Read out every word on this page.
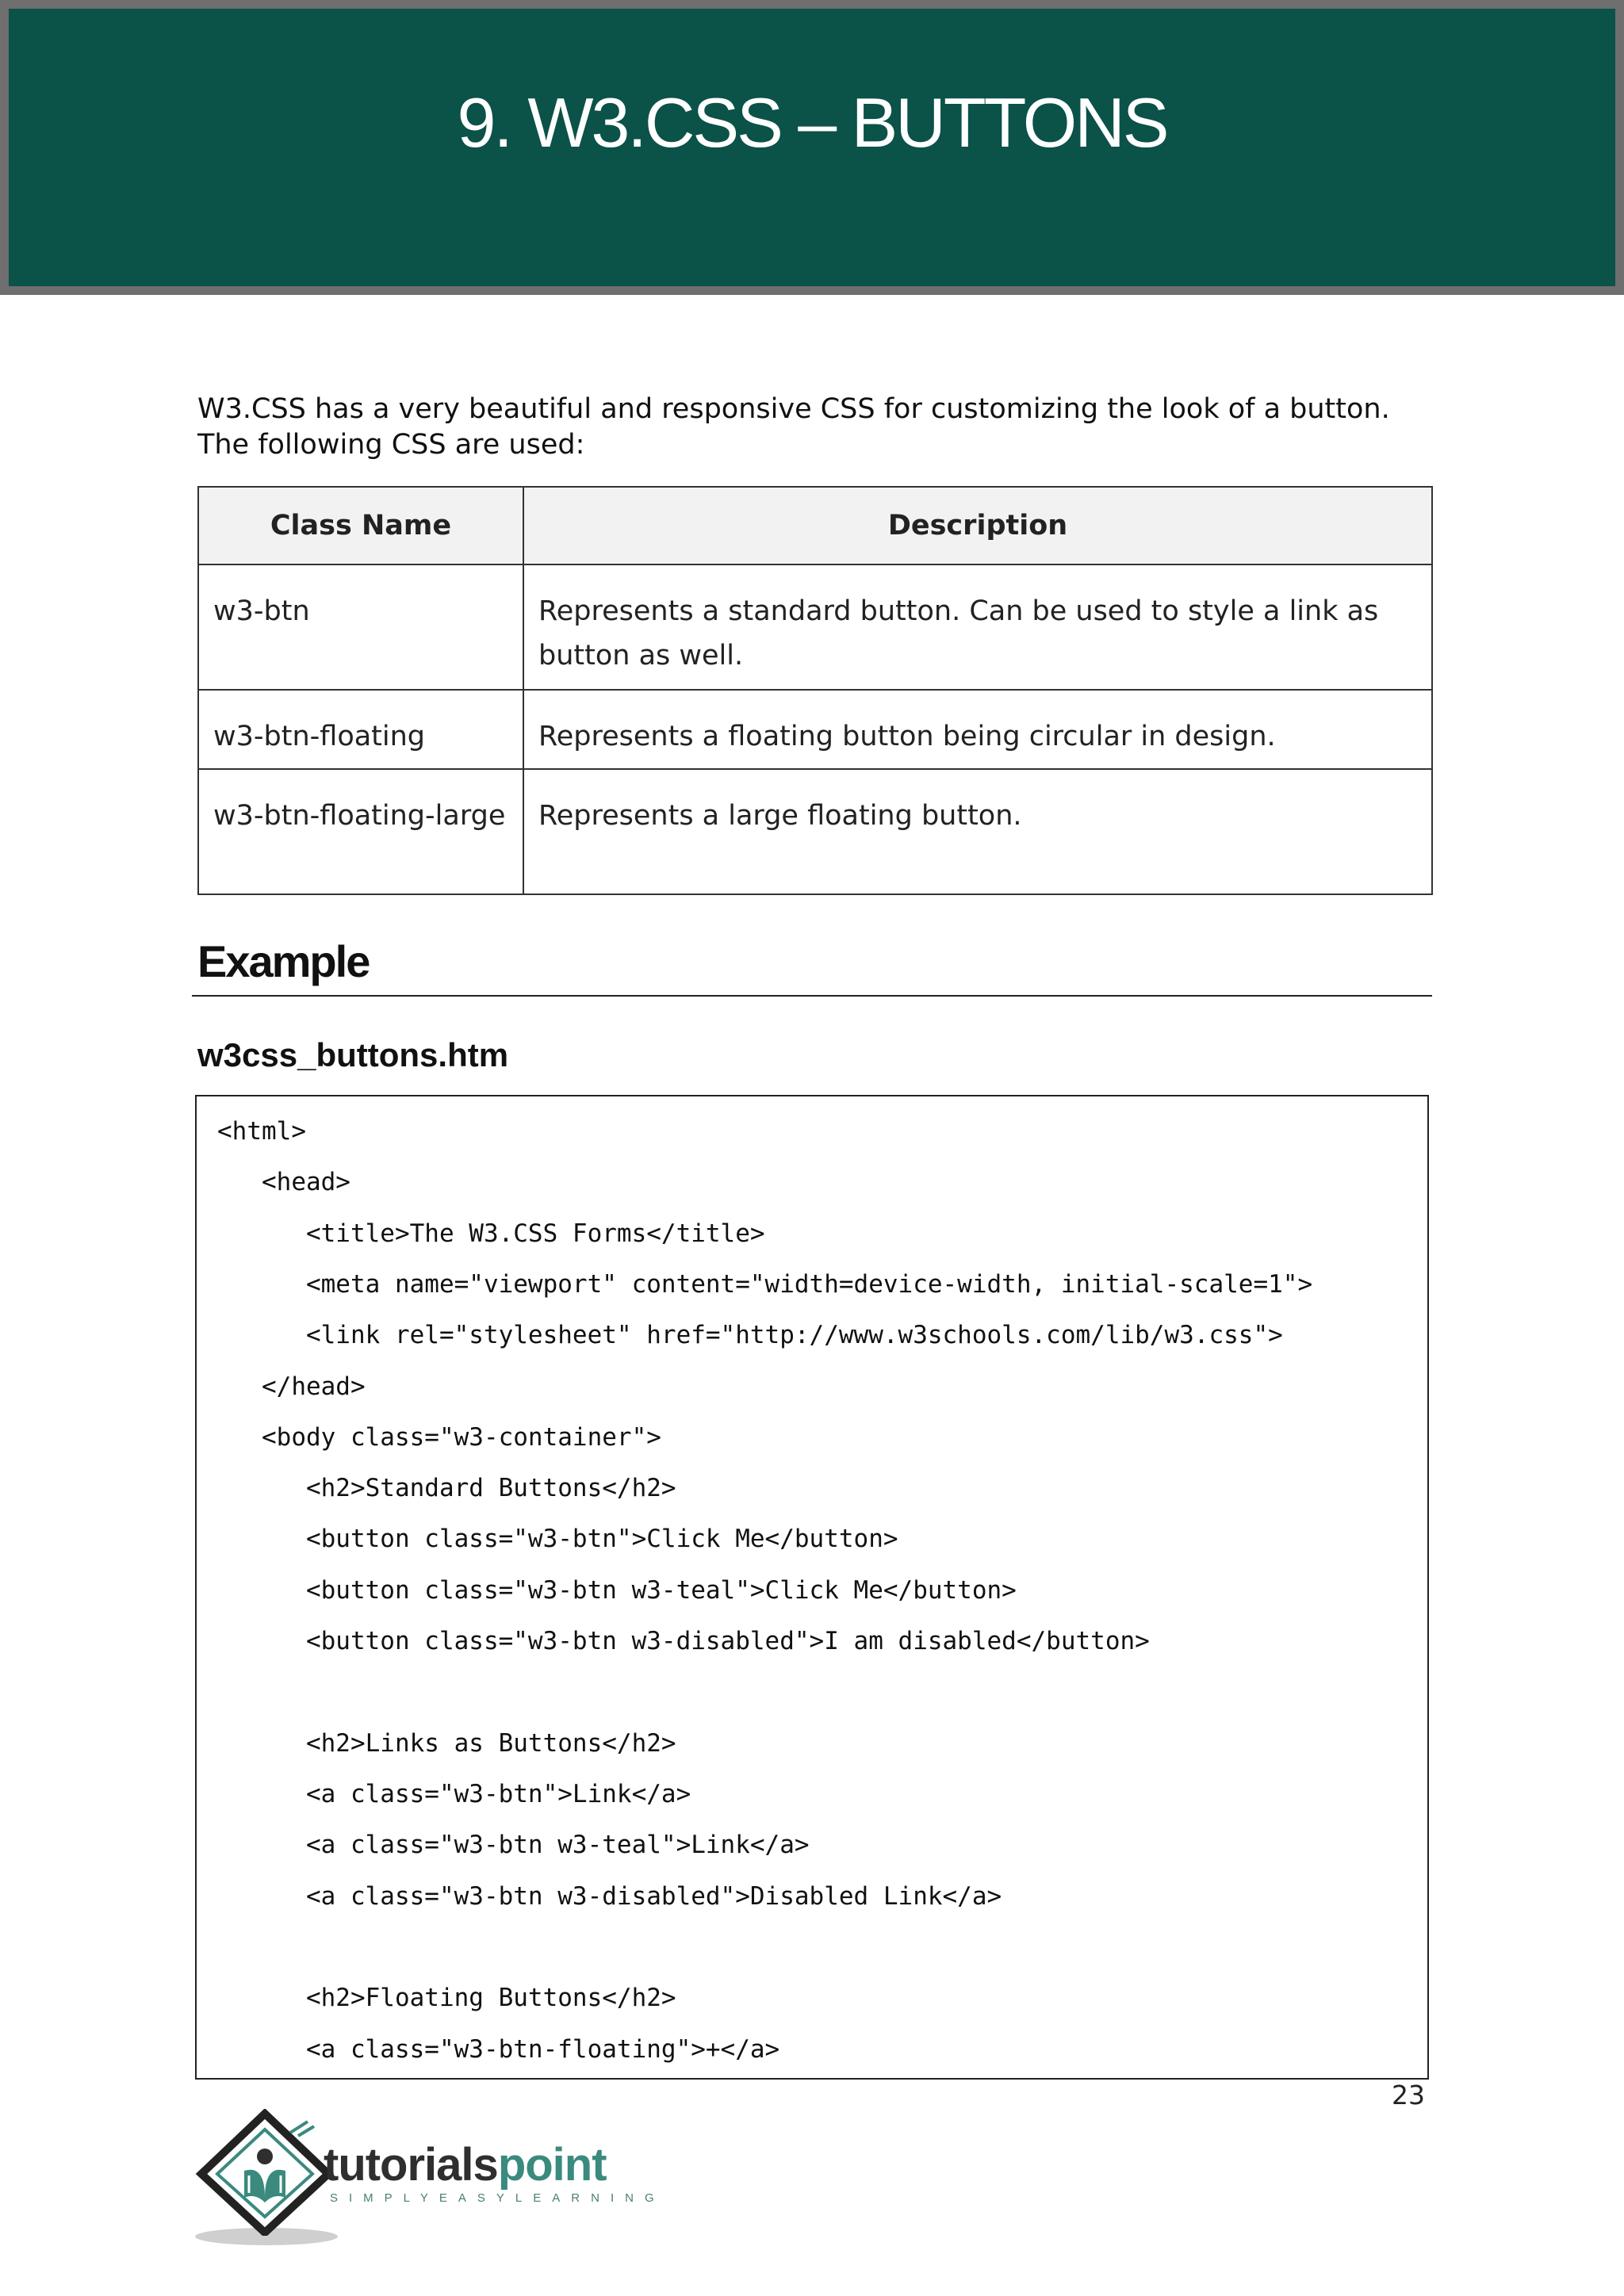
9. W3.CSS – BUTTONS

W3.CSS has a very beautiful and responsive CSS for customizing the look of a button. The following CSS are used:

Class Name	Description
w3-btn	Represents a standard button. Can be used to style a link as button as well.
w3-btn-floating	Represents a floating button being circular in design.
w3-btn-floating-large	Represents a large floating button.
Example
w3css_buttons.htm
<html>
<head>
<title>The W3.CSS Forms</title>
<meta name="viewport" content="width=device-width, initial-scale=1">
<link rel="stylesheet" href="http://www.w3schools.com/lib/w3.css">
</head>
<body class="w3-container">
<h2>Standard Buttons</h2>
<button class="w3-btn">Click Me</button>
<button class="w3-btn w3-teal">Click Me</button>
<button class="w3-btn w3-disabled">I am disabled</button>
<h2>Links as Buttons</h2>
<a class="w3-btn">Link</a>
<a class="w3-btn w3-teal">Link</a>
<a class="w3-btn w3-disabled">Disabled Link</a>
<h2>Floating Buttons</h2>
<a class="w3-btn-floating">+</a>
23
tutorialspoint
SIMPLYEASYLEARNING
